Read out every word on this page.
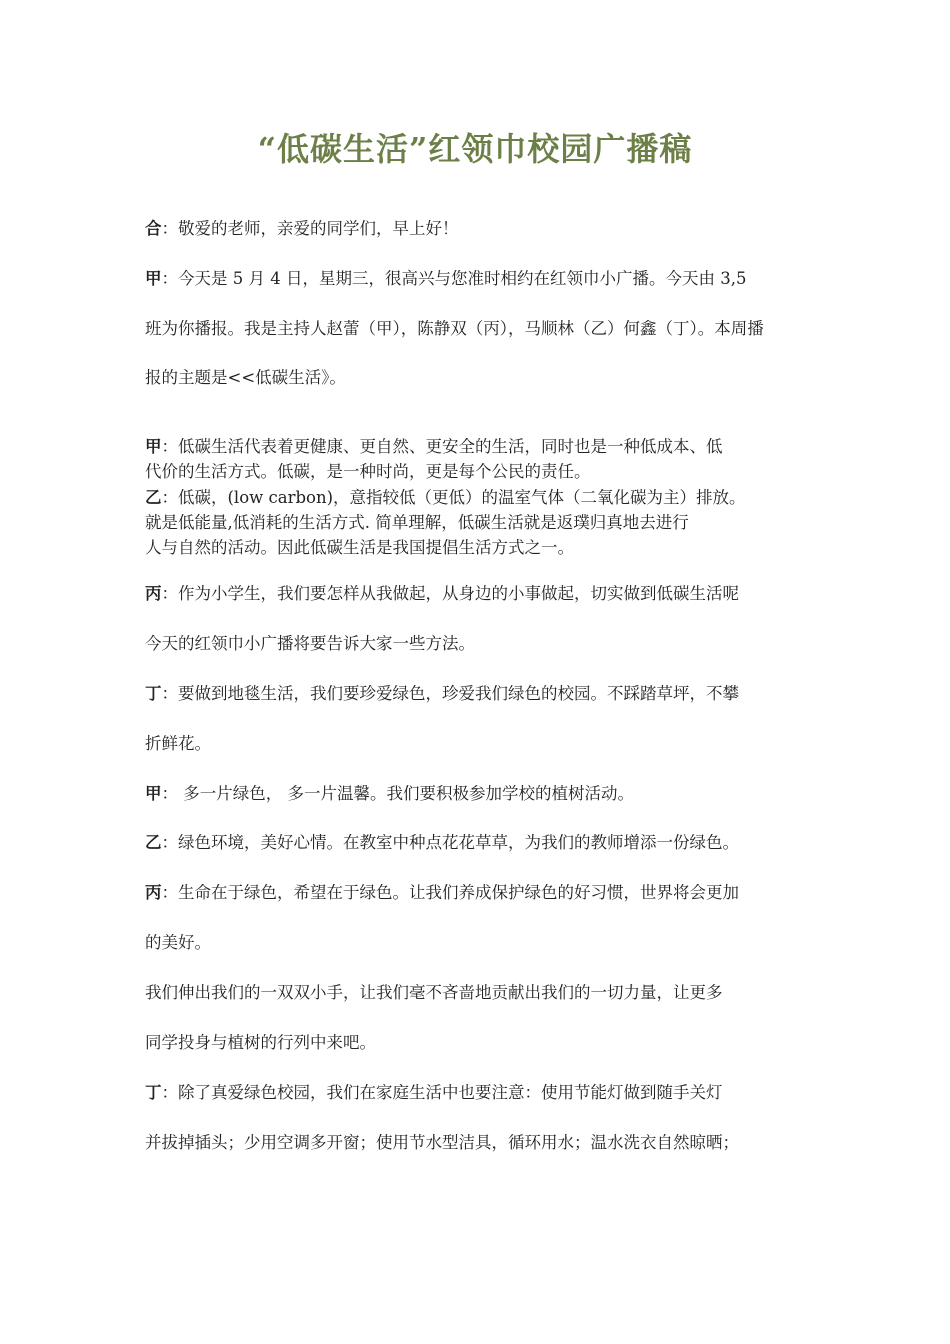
“低碳生活”红领巾校园广播稿
合：敬爱的老师，亲爱的同学们，早上好！
甲：今天是 5 月 4 日，星期三，很高兴与您准时相约在红领巾小广播。今天由 3,5
班为你播报。我是主持人赵蕾（甲），陈静双（丙），马顺林（乙）何鑫（丁）。本周播
报的主题是<<低碳生活》。
甲：低碳生活代表着更健康、更自然、更安全的生活，同时也是一种低成本、低
代价的生活方式。低碳，是一种时尚，更是每个公民的责任。
乙：低碳，(low carbon)，意指较低（更低）的温室气体（二氧化碳为主）排放。
就是低能量,低消耗的生活方式. 简单理解，低碳生活就是返璞归真地去进行
人与自然的活动。因此低碳生活是我国提倡生活方式之一。
丙：作为小学生，我们要怎样从我做起，从身边的小事做起，切实做到低碳生活呢
今天的红领巾小广播将要告诉大家一些方法。
丁：要做到地毯生活，我们要珍爱绿色，珍爱我们绿色的校园。不踩踏草坪，不攀
折鲜花。
甲： 多一片绿色， 多一片温馨。我们要积极参加学校的植树活动。
乙：绿色环境，美好心情。在教室中种点花花草草，为我们的教师增添一份绿色。
丙：生命在于绿色，希望在于绿色。让我们养成保护绿色的好习惯，世界将会更加
的美好。
我们伸出我们的一双双小手，让我们毫不吝啬地贡献出我们的一切力量，让更多
同学投身与植树的行列中来吧。
丁：除了真爱绿色校园，我们在家庭生活中也要注意：使用节能灯做到随手关灯
并拔掉插头；少用空调多开窗；使用节水型洁具，循环用水；温水洗衣自然晾晒；
